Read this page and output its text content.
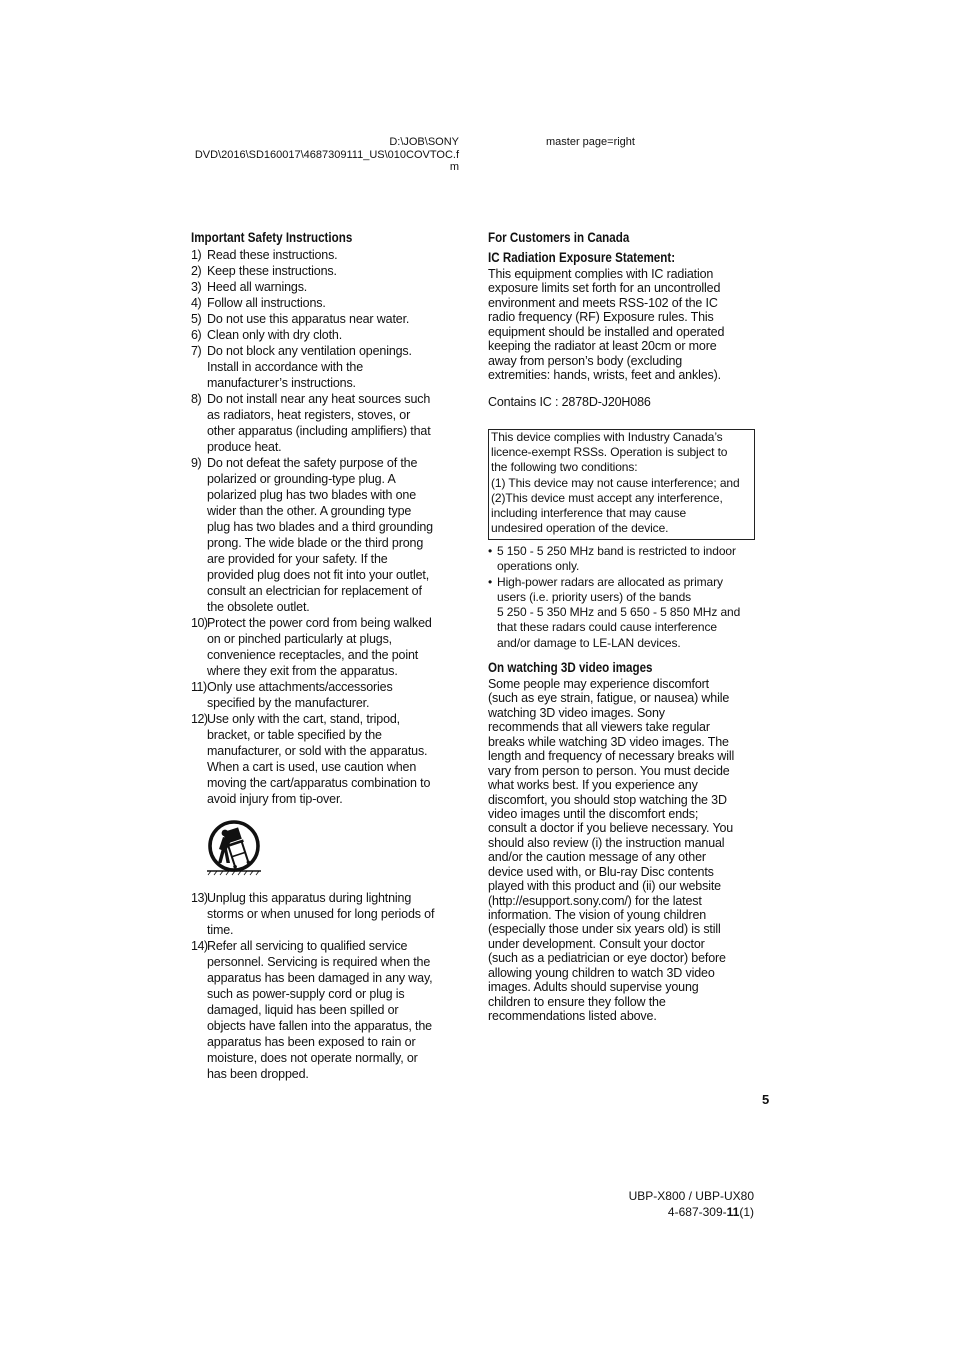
D:\JOB\SONY
DVD\2016\SD160017\4687309111_US\010COVTOC.f
m
master page=right
Important Safety Instructions
1) Read these instructions.
2) Keep these instructions.
3) Heed all warnings.
4) Follow all instructions.
5) Do not use this apparatus near water.
6) Clean only with dry cloth.
7) Do not block any ventilation openings.
Install in accordance with the
manufacturer’s instructions.
8) Do not install near any heat sources such
as radiators, heat registers, stoves, or
other apparatus (including amplifiers) that
produce heat.
9) Do not defeat the safety purpose of the
polarized or grounding-type plug. A
polarized plug has two blades with one
wider than the other. A grounding type
plug has two blades and a third grounding
prong. The wide blade or the third prong
are provided for your safety. If the
provided plug does not fit into your outlet,
consult an electrician for replacement of
the obsolete outlet.
10) Protect the power cord from being walked
on or pinched particularly at plugs,
convenience receptacles, and the point
where they exit from the apparatus.
11) Only use attachments/accessories
specified by the manufacturer.
12) Use only with the cart, stand, tripod,
bracket, or table specified by the
manufacturer, or sold with the apparatus.
When a cart is used, use caution when
moving the cart/apparatus combination to
avoid injury from tip-over.
13) Unplug this apparatus during lightning
storms or when unused for long periods of
time.
14) Refer all servicing to qualified service
personnel. Servicing is required when the
apparatus has been damaged in any way,
such as power-supply cord or plug is
damaged, liquid has been spilled or
objects have fallen into the apparatus, the
apparatus has been exposed to rain or
moisture, does not operate normally, or
has been dropped.
For Customers in Canada
IC Radiation Exposure Statement:
This equipment complies with IC radiation
exposure limits set forth for an uncontrolled
environment and meets RSS-102 of the IC
radio frequency (RF) Exposure rules. This
equipment should be installed and operated
keeping the radiator at least 20cm or more
away from person’s body (excluding
extremities: hands, wrists, feet and ankles).
Contains IC : 2878D-J20H086
This device complies with Industry Canada’s
licence-exempt RSSs. Operation is subject to
the following two conditions:
(1) This device may not cause interference; and
(2)This device must accept any interference,
including interference that may cause
undesired operation of the device.
• 5 150 - 5 250 MHz band is restricted to indoor
operations only.
• High-power radars are allocated as primary
users (i.e. priority users) of the bands
5 250 - 5 350 MHz and 5 650 - 5 850 MHz and
that these radars could cause interference
and/or damage to LE-LAN devices.
On watching 3D video images
Some people may experience discomfort
(such as eye strain, fatigue, or nausea) while
watching 3D video images. Sony
recommends that all viewers take regular
breaks while watching 3D video images. The
length and frequency of necessary breaks will
vary from person to person. You must decide
what works best. If you experience any
discomfort, you should stop watching the 3D
video images until the discomfort ends;
consult a doctor if you believe necessary. You
should also review (i) the instruction manual
and/or the caution message of any other
device used with, or Blu-ray Disc contents
played with this product and (ii) our website
(http://esupport.sony.com/) for the latest
information. The vision of young children
(especially those under six years old) is still
under development. Consult your doctor
(such as a pediatrician or eye doctor) before
allowing young children to watch 3D video
images. Adults should supervise young
children to ensure they follow the
recommendations listed above.
5
UBP-X800 / UBP-UX80
4-687-309-11(1)
